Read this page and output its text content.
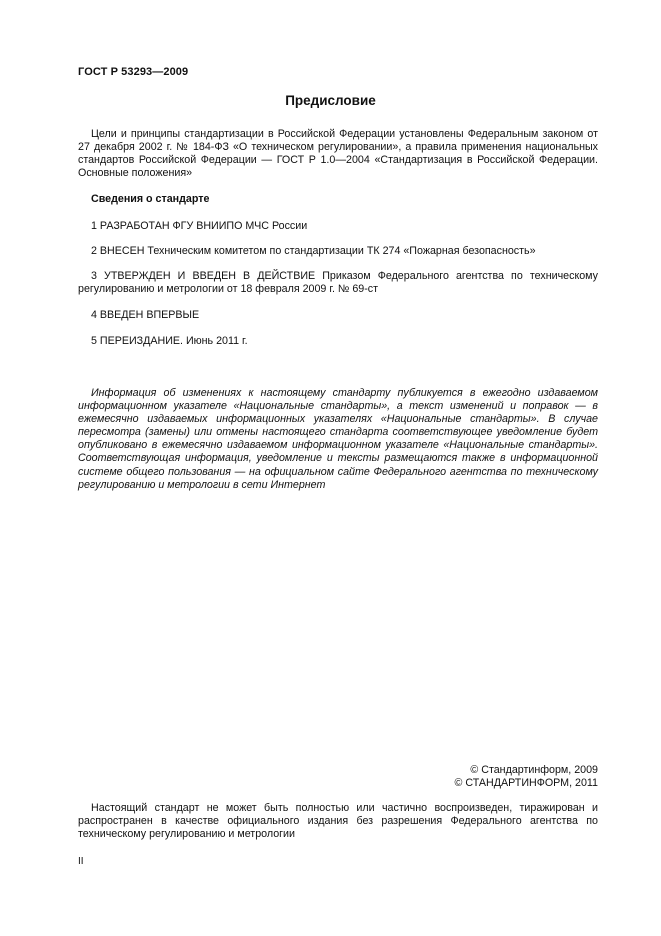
ГОСТ Р 53293—2009
Предисловие

Цели и принципы стандартизации в Российской Федерации установлены Федеральным законом от 27 декабря 2002 г. № 184-ФЗ «О техническом регулировании», а правила применения национальных стандартов Российской Федерации — ГОСТ Р 1.0—2004 «Стандартизация в Российской Федерации. Основные положения»

Сведения о стандарте

1 РАЗРАБОТАН ФГУ ВНИИПО МЧС России

2 ВНЕСЕН Техническим комитетом по стандартизации ТК 274 «Пожарная безопасность»

3 УТВЕРЖДЕН И ВВЕДЕН В ДЕЙСТВИЕ Приказом Федерального агентства по техническому регулированию и метрологии от 18 февраля 2009 г. № 69-ст

4 ВВЕДЕН ВПЕРВЫЕ

5 ПЕРЕИЗДАНИЕ. Июнь 2011 г.

Информация об изменениях к настоящему стандарту публикуется в ежегодно издаваемом информационном указателе «Национальные стандарты», а текст изменений и поправок — в ежемесячно издаваемых информационных указателях «Национальные стандарты». В случае пересмотра (замены) или отмены настоящего стандарта соответствующее уведомление будет опубликовано в ежемесячно издаваемом информационном указателе «Национальные стандарты». Соответствующая информация, уведомление и тексты размещаются также в информационной системе общего пользования — на официальном сайте Федерального агентства по техническому регулированию и метрологии в сети Интернет

© Стандартинформ, 2009
© СТАНДАРТИНФОРМ, 2011

Настоящий стандарт не может быть полностью или частично воспроизведен, тиражирован и распространен в качестве официального издания без разрешения Федерального агентства по техническому регулированию и метрологии

II
